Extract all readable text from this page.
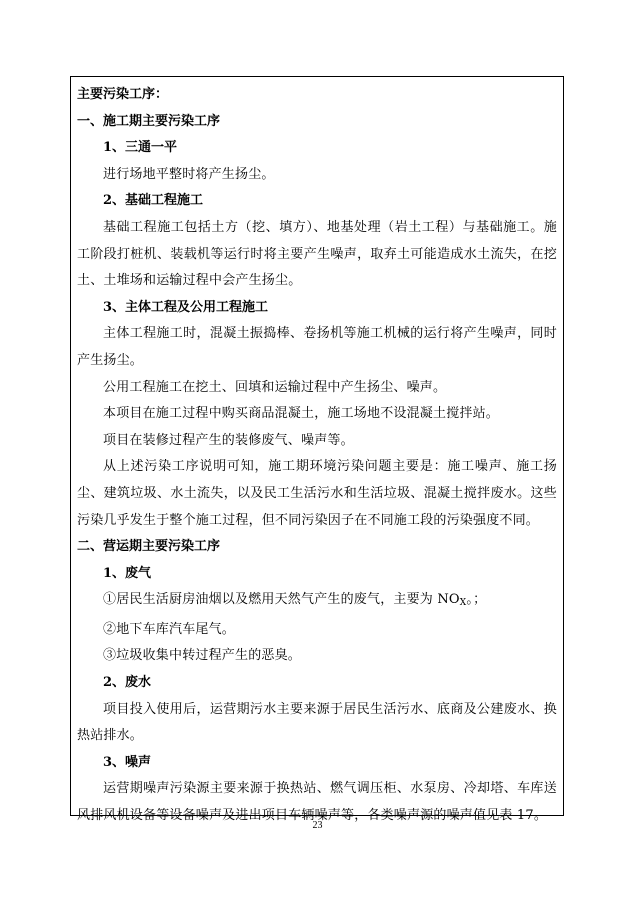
主要污染工序：
一、施工期主要污染工序
1、三通一平
进行场地平整时将产生扬尘。
2、基础工程施工
基础工程施工包括土方（挖、填方）、地基处理（岩土工程）与基础施工。施工阶段打桩机、装载机等运行时将主要产生噪声，取弃土可能造成水土流失，在挖土、土堆场和运输过程中会产生扬尘。
3、主体工程及公用工程施工
主体工程施工时，混凝土振捣棒、卷扬机等施工机械的运行将产生噪声，同时产生扬尘。
公用工程施工在挖土、回填和运输过程中产生扬尘、噪声。
本项目在施工过程中购买商品混凝土，施工场地不设混凝土搅拌站。
项目在装修过程产生的装修废气、噪声等。
从上述污染工序说明可知，施工期环境污染问题主要是：施工噪声、施工扬尘、建筑垃圾、水土流失，以及民工生活污水和生活垃圾、混凝土搅拌废水。这些污染几乎发生于整个施工过程，但不同污染因子在不同施工段的污染强度不同。
二、营运期主要污染工序
1、废气
①居民生活厨房油烟以及燃用天然气产生的废气，主要为 $NO_X$。；
②地下车库汽车尾气。
③垃圾收集中转过程产生的恶臭。
2、废水
项目投入使用后，运营期污水主要来源于居民生活污水、底商及公建废水、换热站排水。
3、噪声
运营期噪声污染源主要来源于换热站、燃气调压柜、水泵房、冷却塔、车库送风排风机设备等设备噪声及进出项目车辆噪声等，各类噪声源的噪声值见表 17。
23
